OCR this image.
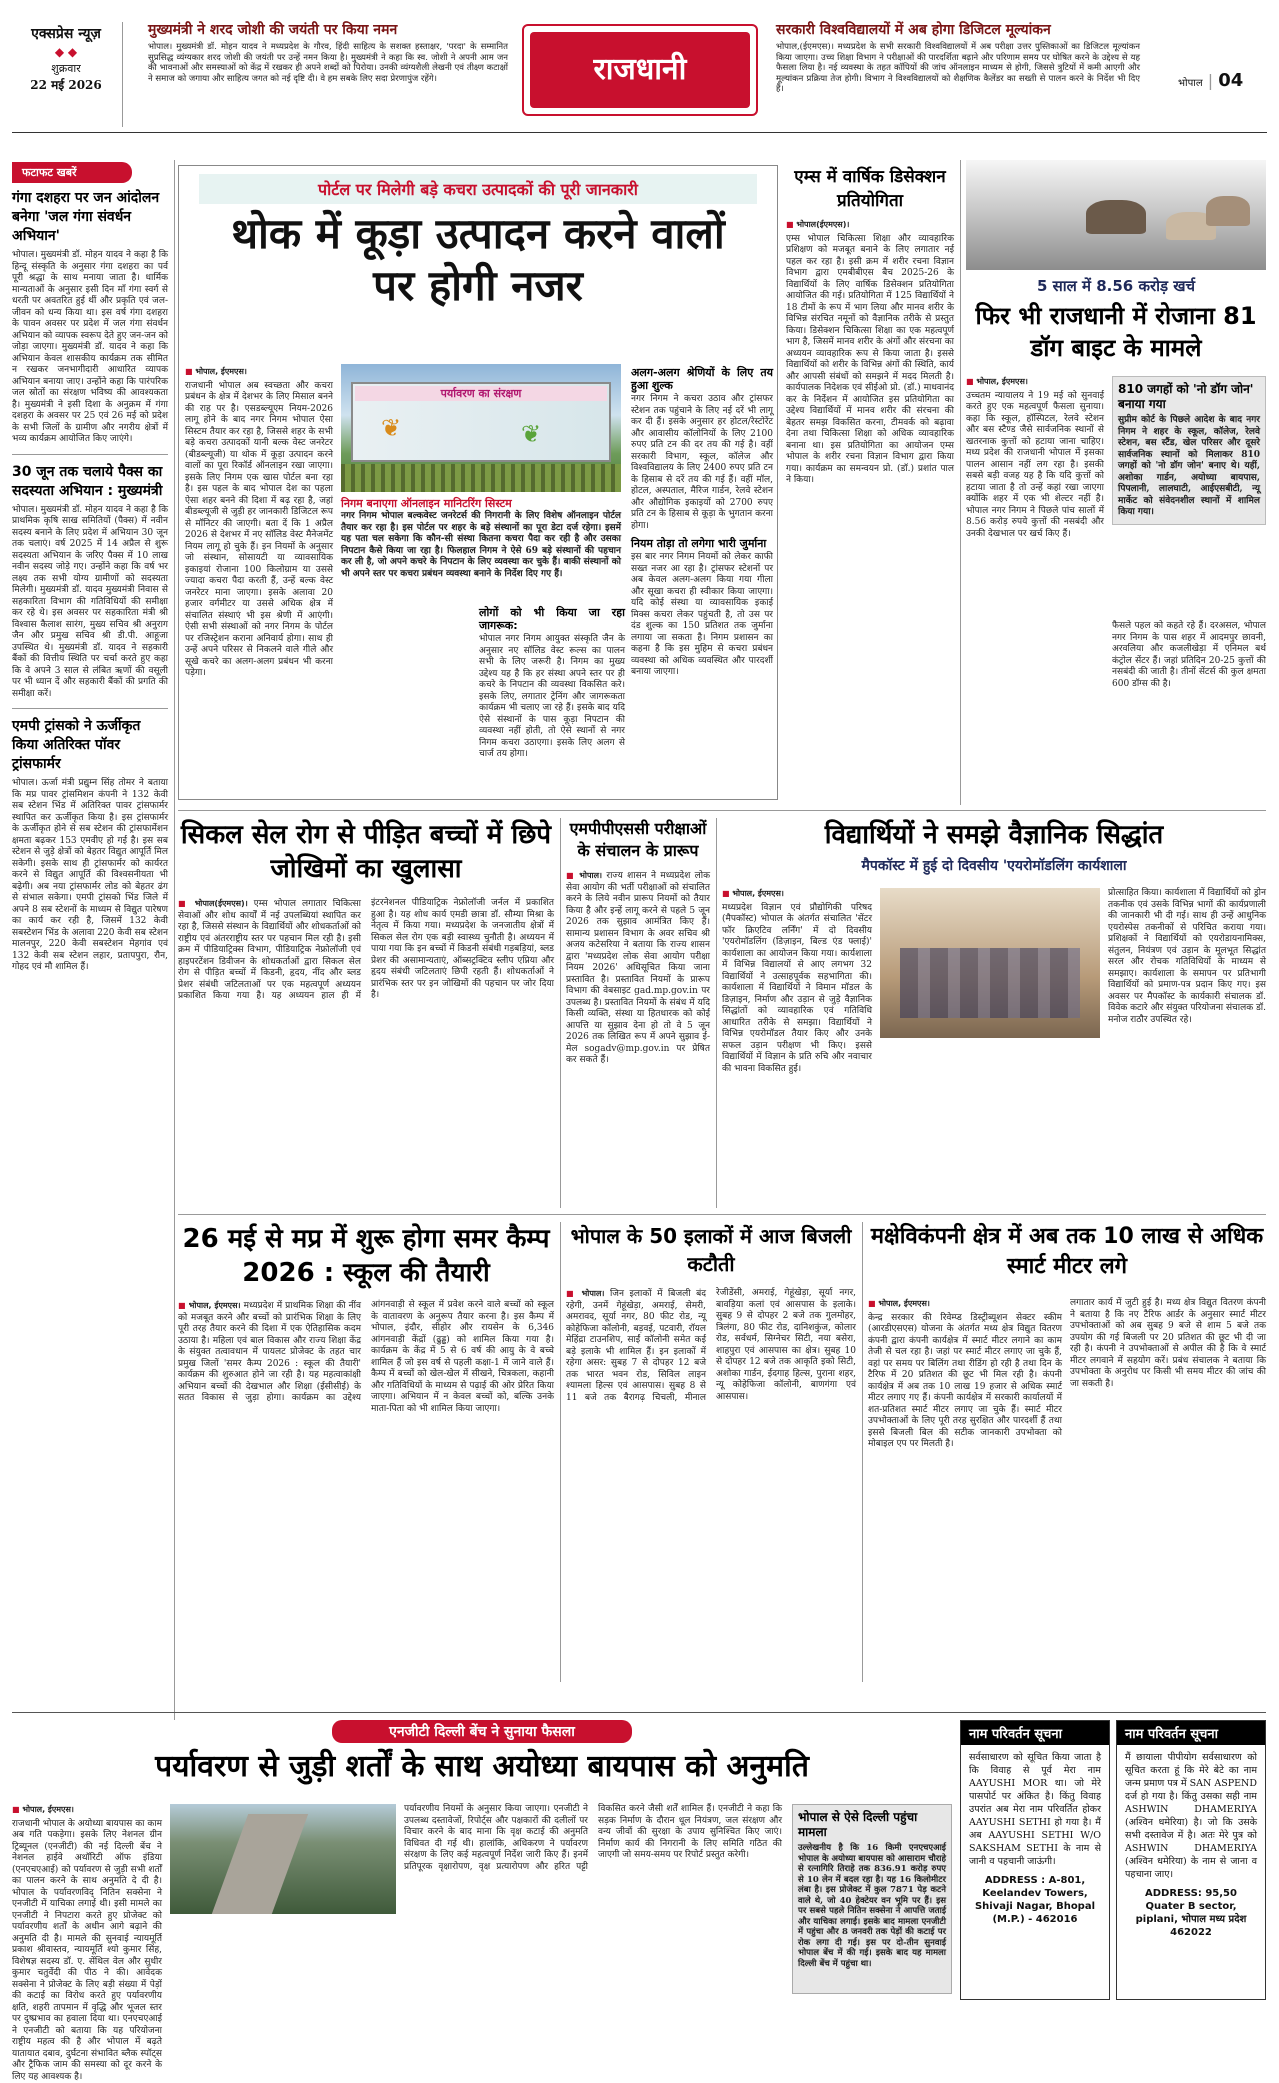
एक्सप्रेस न्यूज़
◆ ◆
शुक्रवार
22 मई 2026
मुख्यमंत्री ने शरद जोशी की जयंती पर किया नमन
भोपाल। मुख्यमंत्री डॉ. मोहन यादव ने मध्यप्रदेश के गौरव, हिंदी साहित्य के सशक्त हस्ताक्षर, 'परदा' के सम्मानित सुप्रसिद्ध व्यंग्यकार शरद जोशी की जयंती पर उन्हें नमन किया है। मुख्यमंत्री ने कहा कि स्व. जोशी ने अपनी आम जन की भावनाओं और समस्याओं को केंद्र में रखकर ही अपने शब्दों को पिरोया। उनकी व्यंग्यशैली लेखनी एवं तीक्ष्ण कटाक्षों ने समाज को जगाया और साहित्य जगत को नई दृष्टि दी। वे हम सबके लिए सदा प्रेरणापुंज रहेंगे।	राजधानी
सरकारी विश्वविद्यालयों में अब होगा डिजिटल मूल्यांकन
भोपाल,(ईएमएस)। मध्यप्रदेश के सभी सरकारी विश्वविद्यालयों में अब परीक्षा उत्तर पुस्तिकाओं का डिजिटल मूल्यांकन किया जाएगा। उच्च शिक्षा विभाग ने परीक्षाओं की पारदर्शिता बढ़ाने और परिणाम समय पर घोषित करने के उद्देश्य से यह फैसला लिया है। नई व्यवस्था के तहत कॉपियों की जांच ऑनलाइन माध्यम से होगी, जिससे त्रुटियों में कमी आएगी और मूल्यांकन प्रक्रिया तेज होगी। विभाग ने विश्वविद्यालयों को शैक्षणिक कैलेंडर का सख्ती से पालन करने के निर्देश भी दिए हैं।	भोपाल | 04
फटाफट खबरें
गंगा दशहरा पर जन आंदोलन बनेगा 'जल गंगा संवर्धन अभियान'
भोपाल। मुख्यमंत्री डॉ. मोहन यादव ने कहा है कि हिन्दू संस्कृति के अनुसार गंगा दशहरा का पर्व पूरी श्रद्धा के साथ मनाया जाता है। धार्मिक मान्यताओं के अनुसार इसी दिन माँ गंगा स्वर्ग से धरती पर अवतरित हुई थीं और प्रकृति एवं जल-जीवन को धन्य किया था। इस वर्ष गंगा दशहरा के पावन अवसर पर प्रदेश में जल गंगा संवर्धन अभियान को व्यापक स्वरूप देते हुए जन-जन को जोड़ा जाएगा। मुख्यमंत्री डॉ. यादव ने कहा कि अभियान केवल शासकीय कार्यक्रम तक सीमित न रखकर जनभागीदारी आधारित व्यापक अभियान बनाया जाए। उन्होंने कहा कि पारंपरिक जल स्रोतों का संरक्षण भविष्य की आवश्यकता है। मुख्यमंत्री ने इसी दिशा के अनुक्रम में गंगा दशहरा के अवसर पर 25 एवं 26 मई को प्रदेश के सभी जिलों के ग्रामीण और नगरीय क्षेत्रों में भव्य कार्यक्रम आयोजित किए जाएंगे।
30 जून तक चलाये पैक्स का सदस्यता अभियान : मुख्यमंत्री
भोपाल। मुख्यमंत्री डॉ. मोहन यादव ने कहा है कि प्राथमिक कृषि साख समितियों (पैक्स) में नवीन सदस्य बनाने के लिए प्रदेश में अभियान 30 जून तक चलाएं। वर्ष 2025 में 14 अप्रैल से शुरू सदस्यता अभियान के जरिए पैक्स में 10 लाख नवीन सदस्य जोड़े गए। उन्होंने कहा कि वर्ष भर लक्ष्य तक सभी योग्य ग्रामीणों को सदस्यता मिलेगी। मुख्यमंत्री डॉ. यादव मुख्यमंत्री निवास से सहकारिता विभाग की गतिविधियों की समीक्षा कर रहे थे। इस अवसर पर सहकारिता मंत्री श्री विश्वास कैलाश सारंग, मुख्य सचिव श्री अनुराग जैन और प्रमुख सचिव श्री डी.पी. आहूजा उपस्थित थे। मुख्यमंत्री डॉ. यादव ने सहकारी बैंकों की वित्तीय स्थिति पर चर्चा करते हुए कहा कि वे अपने 3 साल से लंबित ऋणों की वसूली पर भी ध्यान दें और सहकारी बैंकों की प्रगति की समीक्षा करें।
एमपी ट्रांसको ने ऊर्जीकृत किया अतिरिक्त पॉवर ट्रांसफार्मर
भोपाल। ऊर्जा मंत्री प्रद्युम्न सिंह तोमर ने बताया कि मप्र पावर ट्रांसमिशन कंपनी ने 132 केवी सब स्टेशन भिंड में अतिरिक्त पावर ट्रांसफार्मर स्थापित कर ऊर्जीकृत किया है। इस ट्रांसफार्मर के ऊर्जीकृत होने से सब स्टेशन की ट्रांसफार्मेशन क्षमता बढ़कर 153 एमवीए हो गई है। इस सब स्टेशन से जुड़े क्षेत्रों को बेहतर विद्युत आपूर्ति मिल सकेगी। इसके साथ ही ट्रांसफार्मर को कार्यरत करने से विद्युत आपूर्ति की विश्वसनीयता भी बढ़ेगी। अब नया ट्रांसफार्मर लोड को बेहतर ढंग से संभाल सकेगा। एमपी ट्रांसको भिंड जिले में अपने 8 सब स्टेशनों के माध्यम से विद्युत पारेषण का कार्य कर रही है, जिसमें 132 केवी सबस्टेशन भिंड के अलावा 220 केवी सब स्टेशन मालनपुर, 220 केवी सबस्टेशन मेहगांव एवं 132 केवी सब स्टेशन लहार, प्रतापपुरा, रौन, गोहद एवं मौ शामिल हैं।
पोर्टल पर मिलेगी बड़े कचरा उत्पादकों की पूरी जानकारी
थोक में कूड़ा उत्पादन करने वालों पर होगी नजर
■ भोपाल, ईएमएस।
राजधानी भोपाल अब स्वच्छता और कचरा प्रबंधन के क्षेत्र में देशभर के लिए मिसाल बनने की राह पर है। एसडब्ल्यूएम नियम-2026 लागू होने के बाद नगर निगम भोपाल ऐसा सिस्टम तैयार कर रहा है, जिससे शहर के सभी बड़े कचरा उत्पादकों यानी बल्क वेस्ट जनरेटर (बीडब्ल्यूजी) या थोक में कूड़ा उत्पादन करने वालों का पूरा रिकॉर्ड ऑनलाइन रखा जाएगा। इसके लिए निगम एक खास पोर्टल बना रहा है। इस पहल के बाद भोपाल देश का पहला ऐसा शहर बनने की दिशा में बढ़ रहा है, जहां बीडब्ल्यूजी से जुड़ी हर जानकारी डिजिटल रूप से मॉनिटर की जाएगी। बता दें कि 1 अप्रैल 2026 से देशभर में नए सॉलिड वेस्ट मैनेजमेंट नियम लागू हो चुके हैं। इन नियमों के अनुसार जो संस्थान, सोसायटी या व्यावसायिक इकाइयां रोजाना 100 किलोग्राम या उससे ज्यादा कचरा पैदा करती हैं, उन्हें बल्क वेस्ट जनरेटर माना जाएगा। इसके अलावा 20 हजार वर्गमीटर या उससे अधिक क्षेत्र में संचालित संस्थाएं भी इस श्रेणी में आएंगी। ऐसी सभी संस्थाओं को नगर निगम के पोर्टल पर रजिस्ट्रेशन कराना अनिवार्य होगा। साथ ही उन्हें अपने परिसर से निकलने वाले गीले और सूखे कचरे का अलग-अलग प्रबंधन भी करना पड़ेगा।
पर्यावरण का संरक्षण
❦	❦
निगम बनाएगा ऑनलाइन मानिटरिंग सिस्टम
नगर निगम भोपाल बल्कवेस्ट जनरेटर्स की निगरानी के लिए विशेष ऑनलाइन पोर्टल तैयार कर रहा है। इस पोर्टल पर शहर के बड़े संस्थानों का पूरा डेटा दर्ज रहेगा। इसमें यह पता चल सकेगा कि कौन-सी संस्था कितना कचरा पैदा कर रही है और उसका निपटान कैसे किया जा रहा है। फिलहाल निगम ने ऐसे 69 बड़े संस्थानों की पहचान कर ली है, जो अपने कचरे के निपटान के लिए व्यवस्था कर चुके हैं। बाकी संस्थानों को भी अपने स्तर पर कचरा प्रबंधन व्यवस्था बनाने के निर्देश दिए गए हैं।
लोगों को भी किया जा रहा जागरूक:
भोपाल नगर निगम आयुक्त संस्कृति जैन के अनुसार नए सॉलिड वेस्ट रूल्स का पालन सभी के लिए जरूरी है। निगम का मुख्य उद्देश्य यह है कि हर संस्था अपने स्तर पर ही कचरे के निपटान की व्यवस्था विकसित करे। इसके लिए, लगातार ट्रेनिंग और जागरूकता कार्यक्रम भी चलाए जा रहे हैं। इसके बाद यदि ऐसे संस्थानों के पास कूड़ा निपटान की व्यवस्था नहीं होती, तो ऐसे स्थानों से नगर निगम कचरा उठाएगा। इसके लिए अलग से चार्ज तय होगा।
अलग-अलग श्रेणियों के लिए तय हुआ शुल्क
नगर निगम ने कचरा उठाव और ट्रांसफर स्टेशन तक पहुंचाने के लिए नई दरें भी लागू कर दी हैं। इसके अनुसार हर होटल/रेस्टोरेंट और आवासीय कॉलोनियों के लिए 2100 रुपए प्रति टन की दर तय की गई है। वहीं सरकारी विभाग, स्कूल, कॉलेज और विश्वविद्यालय के लिए 2400 रुपए प्रति टन के हिसाब से दरें तय की गई हैं। वहीं मॉल, होटल, अस्पताल, मैरिज गार्डन, रेलवे स्टेशन और औद्योगिक इकाइयों को 2700 रुपए प्रति टन के हिसाब से कूड़ा के भुगतान करना होगा।
नियम तोड़ा तो लगेगा भारी जुर्माना
इस बार नगर निगम नियमों को लेकर काफी सख्त नजर आ रहा है। ट्रांसफर स्टेशनों पर अब केवल अलग-अलग किया गया गीला और सूखा कचरा ही स्वीकार किया जाएगा। यदि कोई संस्था या व्यावसायिक इकाई मिक्स कचरा लेकर पहुंचती है, तो उस पर दंड शुल्क का 150 प्रतिशत तक जुर्माना लगाया जा सकता है। निगम प्रशासन का कहना है कि इस मुहिम से कचरा प्रबंधन व्यवस्था को अधिक व्यवस्थित और पारदर्शी बनाया जाएगा।
एम्स में वार्षिक डिसेक्शन प्रतियोगिता
■ भोपाल(ईएमएस)।
एम्स भोपाल चिकित्सा शिक्षा और व्यावहारिक प्रशिक्षण को मजबूत बनाने के लिए लगातार नई पहल कर रहा है। इसी क्रम में शरीर रचना विज्ञान विभाग द्वारा एमबीबीएस बैच 2025-26 के विद्यार्थियों के लिए वार्षिक डिसेक्शन प्रतियोगिता आयोजित की गई। प्रतियोगिता में 125 विद्यार्थियों ने 18 टीमों के रूप में भाग लिया और मानव शरीर के विभिन्न संरचित नमूनों को वैज्ञानिक तरीके से प्रस्तुत किया। डिसेक्शन चिकित्सा शिक्षा का एक महत्वपूर्ण भाग है, जिसमें मानव शरीर के अंगों और संरचना का अध्ययन व्यावहारिक रूप से किया जाता है। इससे विद्यार्थियों को शरीर के विभिन्न अंगों की स्थिति, कार्य और आपसी संबंधों को समझने में मदद मिलती है। कार्यपालक निदेशक एवं सीईओ प्रो. (डॉ.) माधवानंद कर के निर्देशन में आयोजित इस प्रतियोगिता का उद्देश्य विद्यार्थियों में मानव शरीर की संरचना की बेहतर समझ विकसित करना, टीमवर्क को बढ़ावा देना तथा चिकित्सा शिक्षा को अधिक व्यावहारिक बनाना था। इस प्रतियोगिता का आयोजन एम्स भोपाल के शरीर रचना विज्ञान विभाग द्वारा किया गया। कार्यक्रम का समन्वयन प्रो. (डॉ.) प्रशांत पाल ने किया।
5 साल में 8.56 करोड़ खर्च
फिर भी राजधानी में रोजाना 81 डॉग बाइट के मामले
■ भोपाल, ईएमएस।
उच्चतम न्यायालय ने 19 मई को सुनवाई करते हुए एक महत्वपूर्ण फैसला सुनाया। कहा कि स्कूल, हॉस्पिटल, रेलवे स्टेशन और बस स्टैण्ड जैसे सार्वजनिक स्थानों से खतरनाक कुत्तों को हटाया जाना चाहिए। मध्य प्रदेश की राजधानी भोपाल में इसका पालन आसान नहीं लग रहा है। इसकी सबसे बड़ी वजह यह है कि यदि कुत्तों को हटाया जाता है तो उन्हें कहां रखा जाएगा क्योंकि शहर में एक भी शेल्टर नहीं है। भोपाल नगर निगम ने पिछले पांच सालों में 8.56 करोड़ रुपये कुत्तों की नसबंदी और उनकी देखभाल पर खर्च किए हैं।
810 जगहों को 'नो डॉग जोन' बनाया गया
सुप्रीम कोर्ट के पिछले आदेश के बाद नगर निगम ने शहर के स्कूल, कॉलेज, रेलवे स्टेशन, बस स्टैंड, खेल परिसर और दूसरे सार्वजनिक स्थानों को मिलाकर 810 जगहों को 'नो डॉग जोन' बनाए थे। यहीं, अशोका गार्डन, अयोध्या बायपास, पिपलानी, लालघाटी, आईएसबीटी, न्यू मार्केट को संवेदनशील स्थानों में शामिल किया गया।
फैसले पहल को कहते रहे हैं। दरअसल, भोपाल नगर निगम के पास शहर में आदमपुर छावनी, अरवलिया और कजलीखेड़ा में एनिमल बर्थ कंट्रोल सेंटर हैं। जहां प्रतिदिन 20-25 कुत्तों की नसबंदी की जाती है। तीनों सेंटर्स की कुल क्षमता 600 डॉग्स की है।
सिकल सेल रोग से पीड़ित बच्चों में छिपे जोखिमों का खुलासा
■ भोपाल(ईएमएस)। एम्स भोपाल लगातार चिकित्सा सेवाओं और शोध कार्यों में नई उपलब्धियां स्थापित कर रहा है, जिससे संस्थान के विद्यार्थियों और शोधकर्ताओं को राष्ट्रीय एवं अंतरराष्ट्रीय स्तर पर पहचान मिल रही है। इसी क्रम में पीडियाट्रिक्स विभाग, पीडियाट्रिक नेफ्रोलॉजी एवं हाइपरटेंशन डिवीजन के शोधकर्ताओं द्वारा सिकल सेल रोग से पीड़ित बच्चों में किडनी, हृदय, नींद और ब्लड प्रेशर संबंधी जटिलताओं पर एक महत्वपूर्ण अध्ययन प्रकाशित किया गया है। यह अध्ययन हाल ही में इंटरनेशनल पीडियाट्रिक नेफ्रोलॉजी जर्नल में प्रकाशित हुआ है। यह शोध कार्य एमडी छात्रा डॉ. सौम्या मिश्रा के नेतृत्व में किया गया। मध्यप्रदेश के जनजातीय क्षेत्रों में सिकल सेल रोग एक बड़ी स्वास्थ्य चुनौती है। अध्ययन में पाया गया कि इन बच्चों में किडनी संबंधी गड़बड़ियां, ब्लड प्रेशर की असामान्यताएं, ऑब्सट्रक्टिव स्लीप एप्निया और हृदय संबंधी जटिलताएं छिपी रहती हैं। शोधकर्ताओं ने प्रारंभिक स्तर पर इन जोखिमों की पहचान पर जोर दिया है।
एमपीपीएससी परीक्षाओं के संचालन के प्रारूप
■ भोपाल। राज्य शासन ने मध्यप्रदेश लोक सेवा आयोग की भर्ती परीक्षाओं को संचालित करने के लिये नवीन प्रारूप नियमों को तैयार किया है और इन्हें लागू करने से पहले 5 जून 2026 तक सुझाव आमंत्रित किए हैं। सामान्य प्रशासन विभाग के अवर सचिव श्री अजय कटेसरिया ने बताया कि राज्य शासन द्वारा 'मध्यप्रदेश लोक सेवा आयोग परीक्षा नियम 2026' अधिसूचित किया जाना प्रस्तावित है। प्रस्तावित नियमों के प्रारूप विभाग की वेबसाइट gad.mp.gov.in पर उपलब्ध है। प्रस्तावित नियमों के संबंध में यदि किसी व्यक्ति, संस्था या हितधारक को कोई आपत्ति या सुझाव देना हो तो वे 5 जून 2026 तक लिखित रूप में अपने सुझाव ई-मेल sogadv@mp.gov.in पर प्रेषित कर सकते हैं।
विद्यार्थियों ने समझे वैज्ञानिक सिद्धांत
मैपकॉस्ट में हुई दो दिवसीय 'एयरोमॉडलिंग कार्यशाला
■ भोपाल, ईएमएस।
मध्यप्रदेश विज्ञान एवं प्रौद्योगिकी परिषद (मैपकॉस्ट) भोपाल के अंतर्गत संचालित 'सेंटर फॉर क्रिएटिव लर्निंग' में दो दिवसीय 'एयरोमॉडलिंग (डिज़ाइन, बिल्ड एंड फ्लाई)' कार्यशाला का आयोजन किया गया। कार्यशाला में विभिन्न विद्यालयों से आए लगभग 32 विद्यार्थियों ने उत्साहपूर्वक सहभागिता की। कार्यशाला में विद्यार्थियों ने विमान मॉडल के डिज़ाइन, निर्माण और उड़ान से जुड़े वैज्ञानिक सिद्धांतों को व्यावहारिक एवं गतिविधि आधारित तरीके से समझा। विद्यार्थियों ने विभिन्न एयरोमॉडल तैयार किए और उनके सफल उड़ान परीक्षण भी किए। इससे विद्यार्थियों में विज्ञान के प्रति रुचि और नवाचार की भावना विकसित हुई।
प्रोत्साहित किया। कार्यशाला में विद्यार्थियों को ड्रोन तकनीक एवं उसके विभिन्न भागों की कार्यप्रणाली की जानकारी भी दी गई। साथ ही उन्हें आधुनिक एयरोस्पेस तकनीकों से परिचित कराया गया। प्रशिक्षकों ने विद्यार्थियों को एयरोडायनामिक्स, संतुलन, नियंत्रण एवं उड़ान के मूलभूत सिद्धांत सरल और रोचक गतिविधियों के माध्यम से समझाए। कार्यशाला के समापन पर प्रतिभागी विद्यार्थियों को प्रमाण-पत्र प्रदान किए गए। इस अवसर पर मैपकॉस्ट के कार्यकारी संचालक डॉ. विवेक कटारे और संयुक्त परियोजना संचालक डॉ. मनोज राठौर उपस्थित रहे।
26 मई से मप्र में शुरू होगा समर कैम्प 2026 : स्कूल की तैयारी
■ भोपाल, ईएमएस। मध्यप्रदेश में प्राथमिक शिक्षा की नींव को मजबूत करने और बच्चों को प्रारंभिक शिक्षा के लिए पूरी तरह तैयार करने की दिशा में एक ऐतिहासिक कदम उठाया है। महिला एवं बाल विकास और राज्य शिक्षा केंद्र के संयुक्त तत्वावधान में पायलट प्रोजेक्ट के तहत चार प्रमुख जिलों 'समर कैम्प 2026 : स्कूल की तैयारी' कार्यक्रम की शुरुआत होने जा रही है। यह महत्वाकांक्षी अभियान बच्चों की देखभाल और शिक्षा (ईसीसीई) के सतत विकास से जुड़ा होगा। कार्यक्रम का उद्देश्य आंगनवाड़ी से स्कूल में प्रवेश करने वाले बच्चों को स्कूल के वातावरण के अनुरूप तैयार करना है। इस कैम्प में भोपाल, इंदौर, सीहोर और रायसेन के 6,346 आंगनवाड़ी केंद्रों (ढुड्ढ) को शामिल किया गया है। कार्यक्रम के केंद्र में 5 से 6 वर्ष की आयु के वे बच्चे शामिल हैं जो इस वर्ष से पहली कक्षा-1 में जाने वाले हैं। कैम्प में बच्चों को खेल-खेल में सीखने, चित्रकला, कहानी और गतिविधियों के माध्यम से पढ़ाई की ओर प्रेरित किया जाएगा। अभियान में न केवल बच्चों को, बल्कि उनके माता-पिता को भी शामिल किया जाएगा।
भोपाल के 50 इलाकों में आज बिजली कटौती
■ भोपाल। जिन इलाकों में बिजली बंद रहेगी, उनमें गेहूंखेड़ा, अमराई, सेमरी, अमरावद, सूर्या नगर, 80 फीट रोड, न्यू कोहेफिजा कॉलोनी, बड़वई, पटवारी, रॉयल मेहिंद्रा टाउनशिप, साईं कॉलोनी समेत कई बड़े इलाके भी शामिल हैं। इन इलाकों में रहेगा असर: सुबह 7 से दोपहर 12 बजे तक भारत भवन रोड, सिविल लाइन श्यामला हिल्स एवं आसपास। सुबह 8 से 11 बजे तक बैरागढ़ चिचली, मीनाल रेजीडेंसी, अमराई, गेहूंखेड़ा, सूर्या नगर, बावड़िया कलां एवं आसपास के इलाके। सुबह 9 से दोपहर 2 बजे तक गुलमोहर, त्रिलंगा, 80 फीट रोड, दानिशकुंज, कोलार रोड, सर्वधर्म, सिग्नेचर सिटी, नया बसेरा, शाहपुरा एवं आसपास का क्षेत्र। सुबह 10 से दोपहर 12 बजे तक आकृति इको सिटी, अशोका गार्डन, ईदगाह हिल्स, पुराना शहर, न्यू कोहेफिजा कॉलोनी, बाणगंगा एवं आसपास।
मक्षेविकंपनी क्षेत्र में अब तक 10 लाख से अधिक स्मार्ट मीटर लगे
■ भोपाल, ईएमएस।
केन्द्र सरकार की रिवेम्प्ड डिस्ट्रीब्यूशन सेक्टर स्कीम (आरडीएसएस) योजना के अंतर्गत मध्य क्षेत्र विद्युत वितरण कंपनी द्वारा कंपनी कार्यक्षेत्र में स्मार्ट मीटर लगाने का काम तेजी से चल रहा है। जहां पर स्मार्ट मीटर लगाए जा चुके हैं, वहां पर समय पर बिलिंग तथा रीडिंग हो रही है तथा दिन के टैरिफ में 20 प्रतिशत की छूट भी मिल रही है। कंपनी कार्यक्षेत्र में अब तक 10 लाख 19 हजार से अधिक स्मार्ट मीटर लगाए गए हैं। कंपनी कार्यक्षेत्र में सरकारी कार्यालयों में शत-प्रतिशत स्मार्ट मीटर लगाए जा चुके हैं। स्मार्ट मीटर उपभोक्ताओं के लिए पूरी तरह सुरक्षित और पारदर्शी हैं तथा इससे बिजली बिल की सटीक जानकारी उपभोक्ता को मोबाइल एप पर मिलती है।
लगातार कार्य में जुटी हुई है। मध्य क्षेत्र विद्युत वितरण कंपनी ने बताया है कि नए टैरिफ आर्डर के अनुसार स्मार्ट मीटर उपभोक्ताओं को अब सुबह 9 बजे से शाम 5 बजे तक उपयोग की गई बिजली पर 20 प्रतिशत की छूट भी दी जा रही है। कंपनी ने उपभोक्ताओं से अपील की है कि वे स्मार्ट मीटर लगवाने में सहयोग करें। प्रबंध संचालक ने बताया कि उपभोक्ता के अनुरोध पर किसी भी समय मीटर की जांच की जा सकती है।
एनजीटी दिल्ली बेंच ने सुनाया फैसला
पर्यावरण से जुड़ी शर्तों के साथ अयोध्या बायपास को अनुमति
■ भोपाल, ईएमएस।
राजधानी भोपाल के अयोध्या बायपास का काम अब गति पकड़ेगा। इसके लिए नेशनल ग्रीन ट्रिब्यूनल (एनजीटी) की नई दिल्ली बेंच ने नेशनल हाईवे अथॉरिटी ऑफ इंडिया (एनएचएआई) को पर्यावरण से जुड़ी सभी शर्तों का पालन करने के साथ अनुमति दे दी है। भोपाल के पर्यावरणविद् नितिन सक्सेना ने एनजीटी में याचिका लगाई थी। इसी मामले का एनजीटी ने निपटारा करते हुए प्रोजेक्ट को पर्यावरणीय शर्तों के अधीन आगे बढ़ाने की अनुमति दी है। मामले की सुनवाई न्यायमूर्ति प्रकाश श्रीवास्तव, न्यायमूर्ति श्यो कुमार सिंह, विशेषज्ञ सदस्य डॉ. ए. सेंथिल वेल और सुधीर कुमार चतुर्वेदी की पीठ ने की। आवेदक सक्सेना ने प्रोजेक्ट के लिए बड़ी संख्या में पेड़ों की कटाई का विरोध करते हुए पर्यावरणीय क्षति, शहरी तापमान में वृद्धि और भूजल स्तर पर दुष्प्रभाव का हवाला दिया था। एनएचएआई ने एनजीटी को बताया कि यह परियोजना राष्ट्रीय महत्व की है और भोपाल में बढ़ते यातायात दबाव, दुर्घटना संभावित ब्लैक स्पॉट्स और ट्रैफिक जाम की समस्या को दूर करने के लिए यह आवश्यक है।
पर्यावरणीय नियमों के अनुसार किया जाएगा। एनजीटी ने उपलब्ध दस्तावेजों, रिपोर्ट्स और पक्षकारों की दलीलों पर विचार करने के बाद माना कि वृक्ष कटाई की अनुमति विधिवत दी गई थी। हालांकि, अधिकरण ने पर्यावरण संरक्षण के लिए कई महत्वपूर्ण निर्देश जारी किए हैं। इनमें प्रतिपूरक वृक्षारोपण, वृक्ष प्रत्यारोपण और हरित पट्टी विकसित करने जैसी शर्तें शामिल हैं। एनजीटी ने कहा कि सड़क निर्माण के दौरान धूल नियंत्रण, जल संरक्षण और वन्य जीवों की सुरक्षा के उपाय सुनिश्चित किए जाएं। निर्माण कार्य की निगरानी के लिए समिति गठित की जाएगी जो समय-समय पर रिपोर्ट प्रस्तुत करेगी।
भोपाल से ऐसे दिल्ली पहुंचा मामला
उल्लेखनीय है कि 16 किमी एनएचएआई भोपाल के अयोध्या बायपास को आसाराम चौराहे से रत्नागिरि तिराहे तक 836.91 करोड़ रुपए से 10 लेन में बदल रहा है। यह 16 किलोमीटर लंबा है। इस प्रोजेक्ट में कुल 7871 पेड़ कटने वाले थे, जो 40 हेक्टेयर वन भूमि पर हैं। इस पर सबसे पहले नितिन सक्सेना ने आपत्ति जताई और याचिका लगाई। इसके बाद मामला एनजीटी में पहुंचा और 8 जनवरी तक पेड़ों की कटाई पर रोक लगा दी गई। इस पर दो-तीन सुनवाई भोपाल बेंच में की गई। इसके बाद यह मामला दिल्ली बेंच में पहुंचा था।
नाम परिवर्तन सूचना
सर्वसाधारण को सूचित किया जाता है कि विवाह से पूर्व मेरा नाम AAYUSHI MOR था। जो मेरे पासपोर्ट पर अंकित है। किंतु विवाह उपरांत अब मेरा नाम परिवर्तित होकर AAYUSHI SETHI हो गया है। मैं अब AAYUSHI SETHI W/O SAKSHAM SETHI के नाम से जानी व पहचानी जाऊंगी।
ADDRESS : A-801, Keelandev Towers, Shivaji Nagar, Bhopal (M.P.) - 462016
नाम परिवर्तन सूचना
मैं छायाला पीपीयोग सर्वसाधारण को सूचित करता हूं कि मेरे बेटे का नाम जन्म प्रमाण पत्र में SAN ASPEND दर्ज हो गया है। किंतु उसका सही नाम ASHWIN DHAMERIYA (अश्विन धमेरिया) है। जो कि उसके सभी दस्तावेज में है। अतः मेरे पुत्र को ASHWIN DHAMERIYA (अश्विन धमेरिया) के नाम से जाना व पहचाना जाए।
ADDRESS: 95,50 Quater B sector, piplani, भोपाल मध्य प्रदेश 462022
